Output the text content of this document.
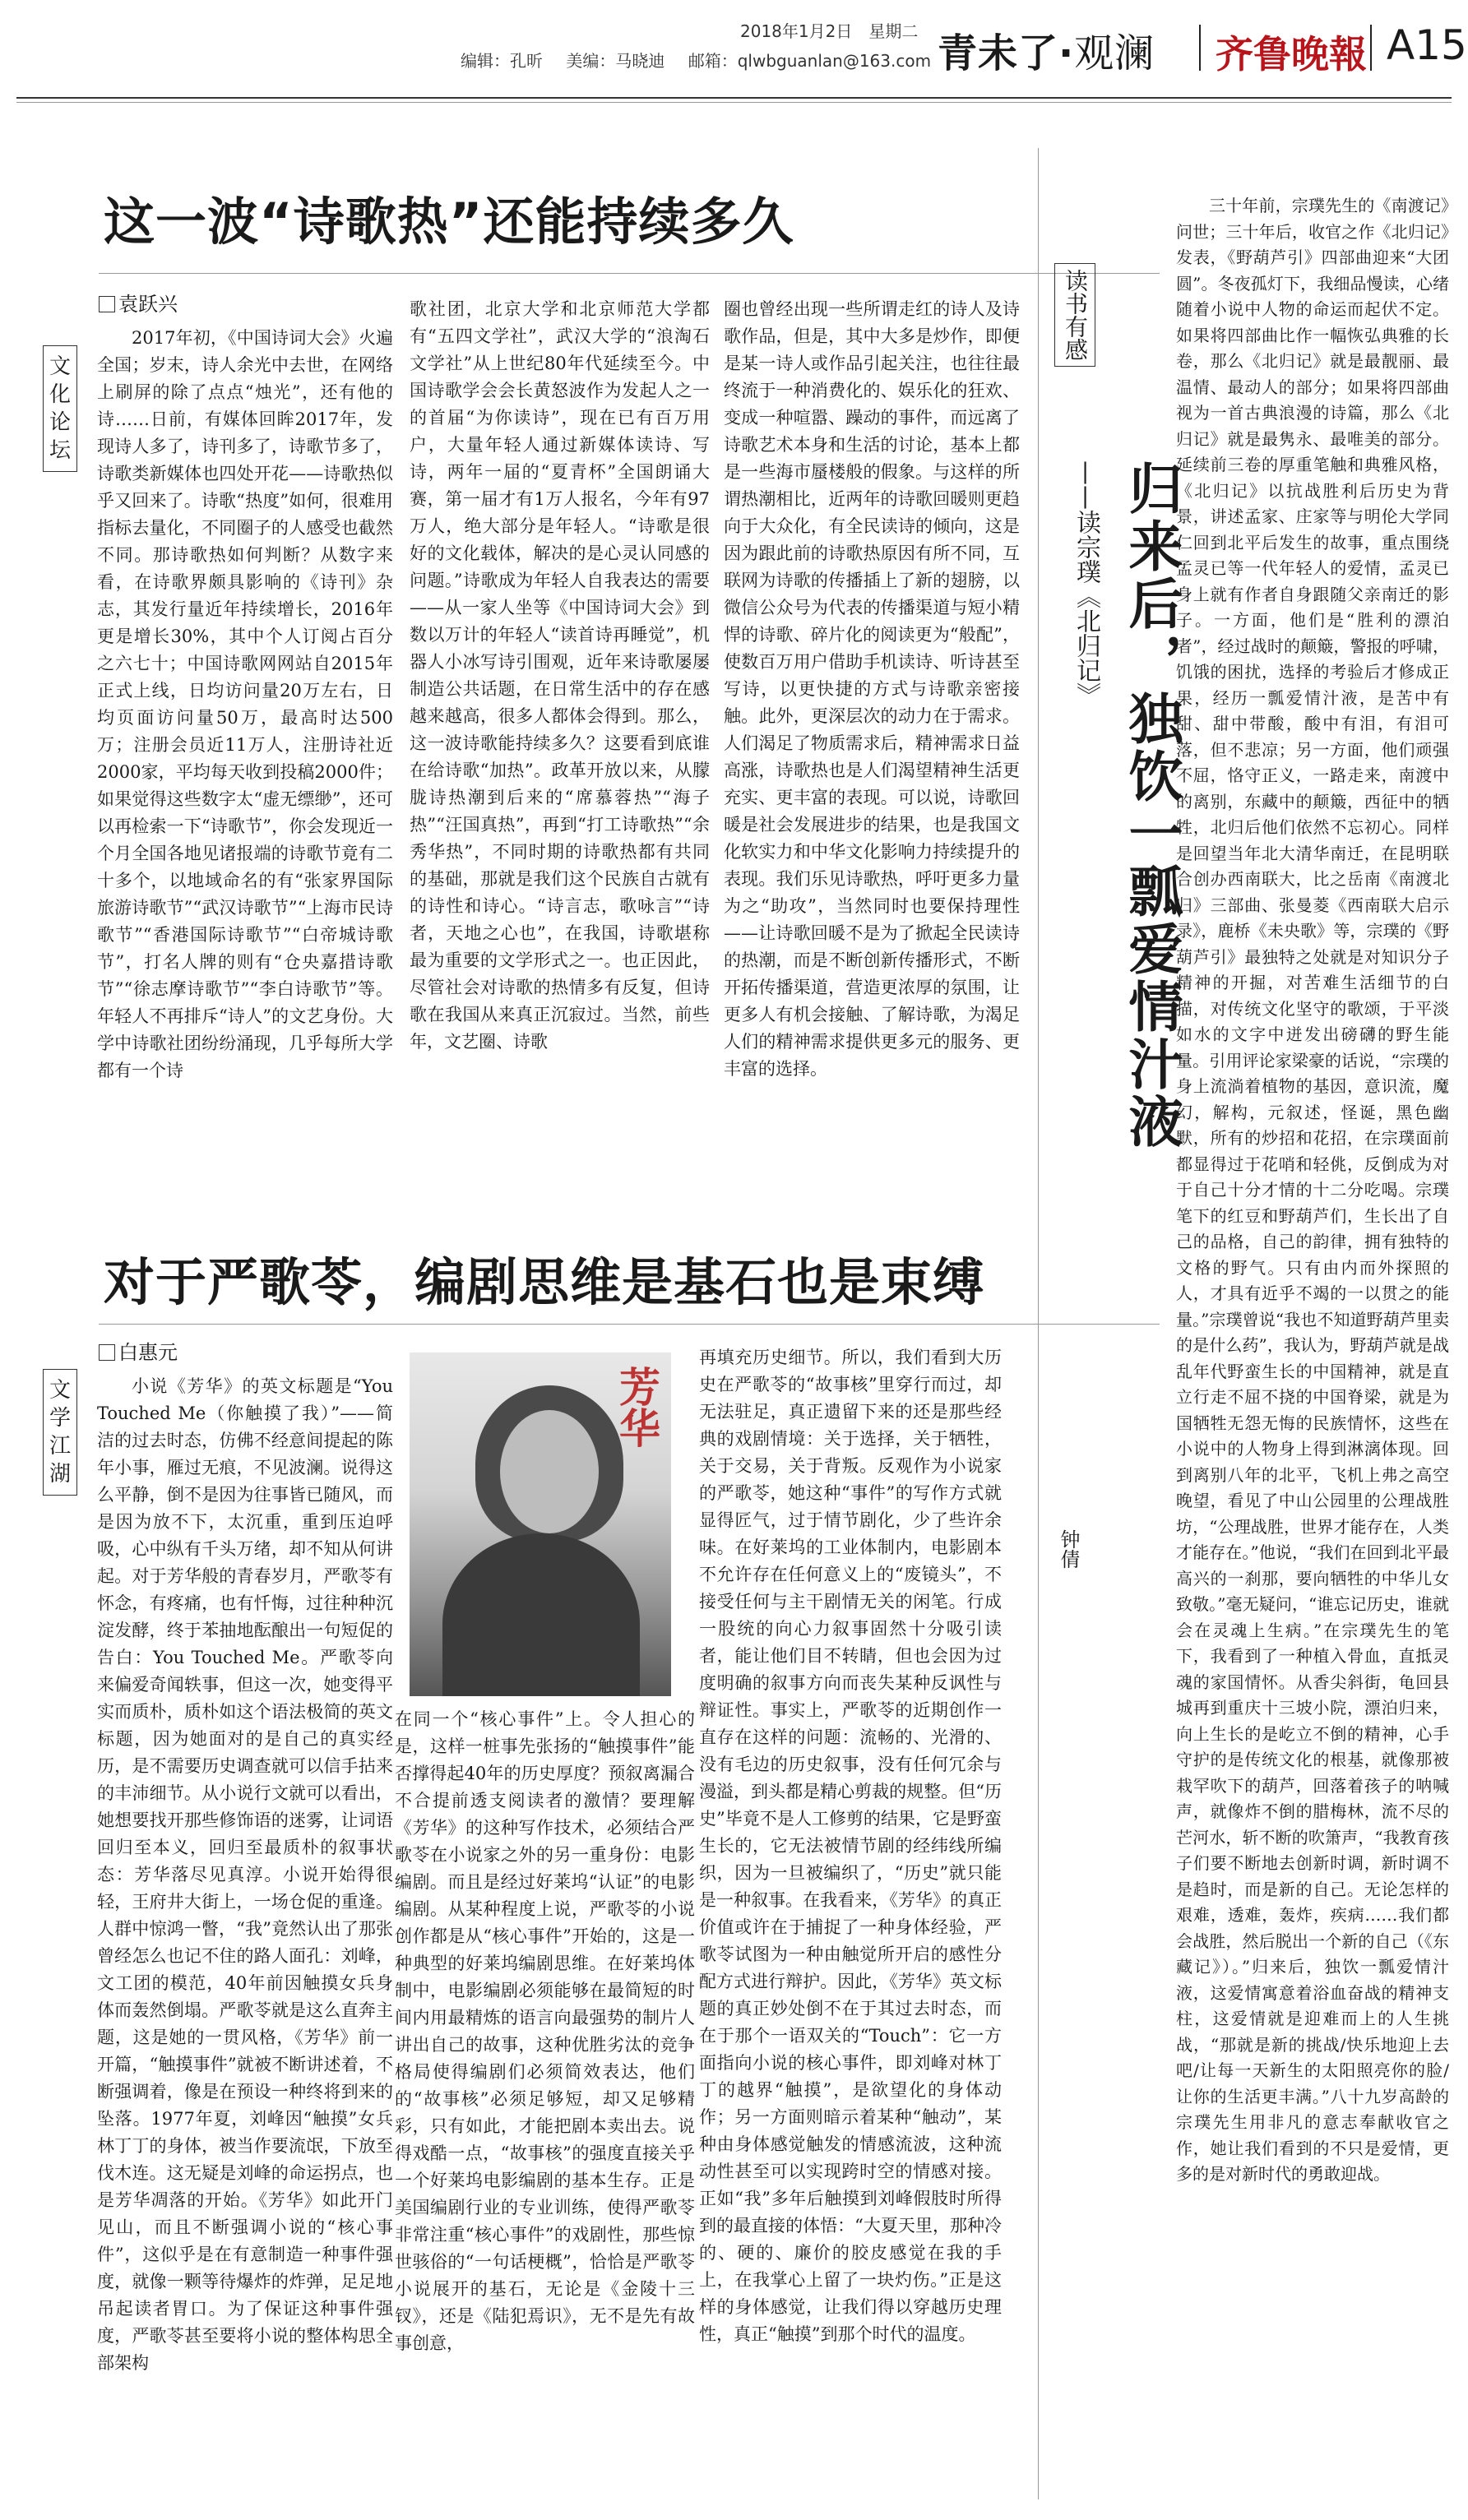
2018年1月2日　星期二
编辑：孔昕 美编：马晓迪 邮箱：qlwbguanlan@163.com 青未了·观澜 齐鲁晚報 A15
这一波“诗歌热”还能持续多久
袁跃兴
文化论坛

2017年初，《中国诗词大会》火遍全国；岁末，诗人余光中去世，在网络上刷屏的除了点点“烛光”，还有他的诗……日前，有媒体回眸2017年，发现诗人多了，诗刊多了，诗歌节多了，诗歌类新媒体也四处开花——诗歌热似乎又回来了。诗歌“热度”如何，很难用指标去量化，不同圈子的人感受也截然不同。那诗歌热如何判断？从数字来看，在诗歌界颇具影响的《诗刊》杂志，其发行量近年持续增长，2016年更是增长30%，其中个人订阅占百分之六七十；中国诗歌网网站自2015年正式上线，日均访问量20万左右，日均页面访问量50万，最高时达500万；注册会员近11万人，注册诗社近2000家，平均每天收到投稿2000件；如果觉得这些数字太“虚无缥缈”，还可以再检索一下“诗歌节”，你会发现近一个月全国各地见诸报端的诗歌节竟有二十多个，以地域命名的有“张家界国际旅游诗歌节”“武汉诗歌节”“上海市民诗歌节”“香港国际诗歌节”“白帝城诗歌节”，打名人牌的则有“仓央嘉措诗歌节”“徐志摩诗歌节”“李白诗歌节”等。年轻人不再排斥“诗人”的文艺身份。大学中诗歌社团纷纷涌现，几乎每所大学都有一个诗

歌社团，北京大学和北京师范大学都有“五四文学社”，武汉大学的“浪淘石文学社”从上世纪80年代延续至今。中国诗歌学会会长黄怒波作为发起人之一的首届“为你读诗”，现在已有百万用户，大量年轻人通过新媒体读诗、写诗，两年一届的“夏青杯”全国朗诵大赛，第一届才有1万人报名，今年有97万人，绝大部分是年轻人。“诗歌是很好的文化载体，解决的是心灵认同感的问题。”诗歌成为年轻人自我表达的需要——从一家人坐等《中国诗词大会》到数以万计的年轻人“读首诗再睡觉”，机器人小冰写诗引围观，近年来诗歌屡屡制造公共话题，在日常生活中的存在感越来越高，很多人都体会得到。那么，这一波诗歌能持续多久？这要看到底谁在给诗歌“加热”。政革开放以来，从朦胧诗热潮到后来的“席慕蓉热”“海子热”“汪国真热”，再到“打工诗歌热”“余秀华热”，不同时期的诗歌热都有共同的基础，那就是我们这个民族自古就有的诗性和诗心。“诗言志，歌咏言”“诗者，天地之心也”，在我国，诗歌堪称最为重要的文学形式之一。也正因此，尽管社会对诗歌的热情多有反复，但诗歌在我国从来真正沉寂过。当然，前些年，文艺圈、诗歌

圈也曾经出现一些所谓走红的诗人及诗歌作品，但是，其中大多是炒作，即便是某一诗人或作品引起关注，也往往最终流于一种消费化的、娱乐化的狂欢、变成一种喧嚣、躁动的事件，而远离了诗歌艺术本身和生活的讨论，基本上都是一些海市蜃楼般的假象。与这样的所谓热潮相比，近两年的诗歌回暖则更趋向于大众化，有全民读诗的倾向，这是因为跟此前的诗歌热原因有所不同，互联网为诗歌的传播插上了新的翅膀，以微信公众号为代表的传播渠道与短小精悍的诗歌、碎片化的阅读更为“般配”，使数百万用户借助手机读诗、听诗甚至写诗，以更快捷的方式与诗歌亲密接触。此外，更深层次的动力在于需求。人们渴足了物质需求后，精神需求日益高涨，诗歌热也是人们渴望精神生活更充实、更丰富的表现。可以说，诗歌回暖是社会发展进步的结果，也是我国文化软实力和中华文化影响力持续提升的表现。我们乐见诗歌热，呼吁更多力量为之“助攻”，当然同时也要保持理性——让诗歌回暖不是为了掀起全民读诗的热潮，而是不断创新传播形式，不断开拓传播渠道，营造更浓厚的氛围，让更多人有机会接触、了解诗歌，为渴足人们的精神需求提供更多元的服务、更丰富的选择。

对于严歌苓，编剧思维是基石也是束缚
白惠元
文学江湖

小说《芳华》的英文标题是“You Touched Me（你触摸了我）”——简洁的过去时态，仿佛不经意间提起的陈年小事，雁过无痕，不见波澜。说得这么平静，倒不是因为往事皆已随风，而是因为放不下，太沉重，重到压迫呼吸，心中纵有千头万绪，却不知从何讲起。对于芳华般的青春岁月，严歌苓有怀念，有疼痛，也有忏悔，过往种种沉淀发酵，终于苯抽地酝酿出一句短促的告白：You Touched Me。严歌苓向来偏爱奇闻轶事，但这一次，她变得平实而质朴，质朴如这个语法极简的英文标题，因为她面对的是自己的真实经历，是不需要历史调查就可以信手拈来的丰沛细节。从小说行文就可以看出，她想要找开那些修饰语的迷雾，让词语回归至本义，回归至最质朴的叙事状态：芳华落尽见真淳。小说开始得很轻，王府井大街上，一场仓促的重逢。人群中惊鸿一瞥，“我”竟然认出了那张曾经怎么也记不住的路人面孔：刘峰，文工团的模范，40年前因触摸女兵身体而轰然倒塌。严歌苓就是这么直奔主题，这是她的一贯风格，《芳华》前一开篇，“触摸事件”就被不断讲述着，不断强调着，像是在预设一种终将到来的坠落。1977年夏，刘峰因“触摸”女兵林丁丁的身体，被当作要流氓，下放至伐木连。这无疑是刘峰的命运拐点，也是芳华凋落的开始。《芳华》如此开门见山，而且不断强调小说的“核心事件”，这似乎是在有意制造一种事件强度，就像一颗等待爆炸的炸弹，足足地吊起读者胃口。为了保证这种事件强度，严歌苓甚至要将小说的整体构思全部架构

芳华

在同一个“核心事件”上。令人担心的是，这样一桩事先张扬的“触摸事件”能否撑得起40年的历史厚度？预叙离漏合不合提前透支阅读者的激情？要理解《芳华》的这种写作技术，必须结合严歌苓在小说家之外的另一重身份：电影编剧。而且是经过好莱坞“认证”的电影编剧。从某种程度上说，严歌苓的小说创作都是从“核心事件”开始的，这是一种典型的好莱坞编剧思维。在好莱坞体制中，电影编剧必须能够在最简短的时间内用最精炼的语言向最强势的制片人讲出自己的故事，这种优胜劣汰的竞争格局使得编剧们必须简效表达，他们的“故事核”必须足够短，却又足够精彩，只有如此，才能把剧本卖出去。说得戏酷一点，“故事核”的强度直接关乎一个好莱坞电影编剧的基本生存。正是美国编剧行业的专业训练，使得严歌苓非常注重“核心事件”的戏剧性，那些惊世骇俗的“一句话梗概”，恰恰是严歌苓小说展开的基石，无论是《金陵十三钗》，还是《陆犯焉识》，无不是先有故事创意，

再填充历史细节。所以，我们看到大历史在严歌苓的“故事核”里穿行而过，却无法驻足，真正遗留下来的还是那些经典的戏剧情境：关于选择，关于牺牲，关于交易，关于背叛。反观作为小说家的严歌苓，她这种“事件”的写作方式就显得匠气，过于情节剧化，少了些许余味。在好莱坞的工业体制内，电影剧本不允许存在任何意义上的“废镜头”，不接受任何与主干剧情无关的闲笔。行成一股统的向心力叙事固然十分吸引读者，能让他们目不转睛，但也会因为过度明确的叙事方向而丧失某种反讽性与辩证性。事实上，严歌苓的近期创作一直存在这样的问题：流畅的、光滑的、没有毛边的历史叙事，没有任何冗余与漫溢，到头都是精心剪裁的规整。但“历史”毕竟不是人工修剪的结果，它是野蛮生长的，它无法被情节剧的经纬线所编织，因为一旦被编织了，“历史”就只能是一种叙事。在我看来，《芳华》的真正价值或许在于捕捉了一种身体经验，严歌苓试图为一种由触觉所开启的感性分配方式进行辩护。因此，《芳华》英文标题的真正妙处倒不在于其过去时态，而在于那个一语双关的“Touch”：它一方面指向小说的核心事件，即刘峰对林丁丁的越界“触摸”，是欲望化的身体动作；另一方面则暗示着某种“触动”，某种由身体感觉触发的情感流波，这种流动性甚至可以实现跨时空的情感对接。正如“我”多年后触摸到刘峰假肢时所得到的最直接的体悟：“大夏天里，那种冷的、硬的、廉价的胶皮感觉在我的手上，在我掌心上留了一块灼伤。”正是这样的身体感觉，让我们得以穿越历史理性，真正“触摸”到那个时代的温度。

读书有感
归来后，独饮一瓢爱情汁液
——读宗璞《北归记》
钟倩

三十年前，宗璞先生的《南渡记》问世；三十年后，收官之作《北归记》发表，《野葫芦引》四部曲迎来“大团圆”。冬夜孤灯下，我细品慢读，心绪随着小说中人物的命运而起伏不定。如果将四部曲比作一幅恢弘典雅的长卷，那么《北归记》就是最靓丽、最温情、最动人的部分；如果将四部曲视为一首古典浪漫的诗篇，那么《北归记》就是最隽永、最唯美的部分。延续前三卷的厚重笔触和典雅风格，《北归记》以抗战胜利后历史为背景，讲述孟家、庄家等与明伦大学同仁回到北平后发生的故事，重点围绕孟灵已等一代年轻人的爱情，孟灵已身上就有作者自身跟随父亲南迁的影子。一方面，他们是“胜利的漂泊者”，经过战时的颠簸，警报的呼啸，饥饿的困扰，选择的考验后才修成正果，经历一瓢爱情汁液，是苦中有甜、甜中带酸，酸中有泪，有泪可落，但不悲凉；另一方面，他们顽强不屈，恪守正义，一路走来，南渡中的离别，东藏中的颠簸，西征中的牺牲，北归后他们依然不忘初心。同样是回望当年北大清华南迁，在昆明联合创办西南联大，比之岳南《南渡北归》三部曲、张曼菱《西南联大启示录》，鹿桥《未央歌》等，宗璞的《野葫芦引》最独特之处就是对知识分子精神的开掘，对苦难生活细节的白描，对传统文化坚守的歌颂，于平淡如水的文字中迸发出磅礴的野生能量。引用评论家梁豪的话说，“宗璞的身上流淌着植物的基因，意识流，魔幻，解构，元叙述，怪诞，黑色幽默，所有的炒招和花招，在宗璞面前都显得过于花哨和轻佻，反倒成为对于自己十分才情的十二分吃喝。宗璞笔下的红豆和野葫芦们，生长出了自己的品格，自己的韵律，拥有独特的文格的野气。只有由内而外探照的人，才具有近乎不竭的一以贯之的能量。”宗璞曾说“我也不知道野葫芦里卖的是什么药”，我认为，野葫芦就是战乱年代野蛮生长的中国精神，就是直立行走不屈不挠的中国脊梁，就是为国牺牲无怨无悔的民族情怀，这些在小说中的人物身上得到淋漓体现。回到离别八年的北平，飞机上弗之高空晚望，看见了中山公园里的公理战胜坊，“公理战胜，世界才能存在，人类才能存在。”他说，“我们在回到北平最高兴的一刹那，要向牺牲的中华儿女致敬。”毫无疑问，“谁忘记历史，谁就会在灵魂上生病。”在宗璞先生的笔下，我看到了一种植入骨血，直抵灵魂的家国情怀。从香尖斜街，龟回县城再到重庆十三坡小院，漂泊归来，向上生长的是屹立不倒的精神，心手守护的是传统文化的根基，就像那被栽罕吹下的葫芦，回落着孩子的呐喊声，就像炸不倒的腊梅林，流不尽的芒河水，斩不断的吹箫声，“我教育孩子们要不断地去创新时调，新时调不是趋时，而是新的自己。无论怎样的艰难，透难，轰炸，疾病……我们都会战胜，然后脱出一个新的自己（《东藏记》）。”归来后，独饮一瓢爱情汁液，这爱情寓意着浴血奋战的精神支柱，这爱情就是迎难而上的人生挑战，“那就是新的挑战/快乐地迎上去吧/让每一天新生的太阳照亮你的脸/让你的生活更丰满。”八十九岁高龄的宗璞先生用非凡的意志奉献收官之作，她让我们看到的不只是爱情，更多的是对新时代的勇敢迎战。
